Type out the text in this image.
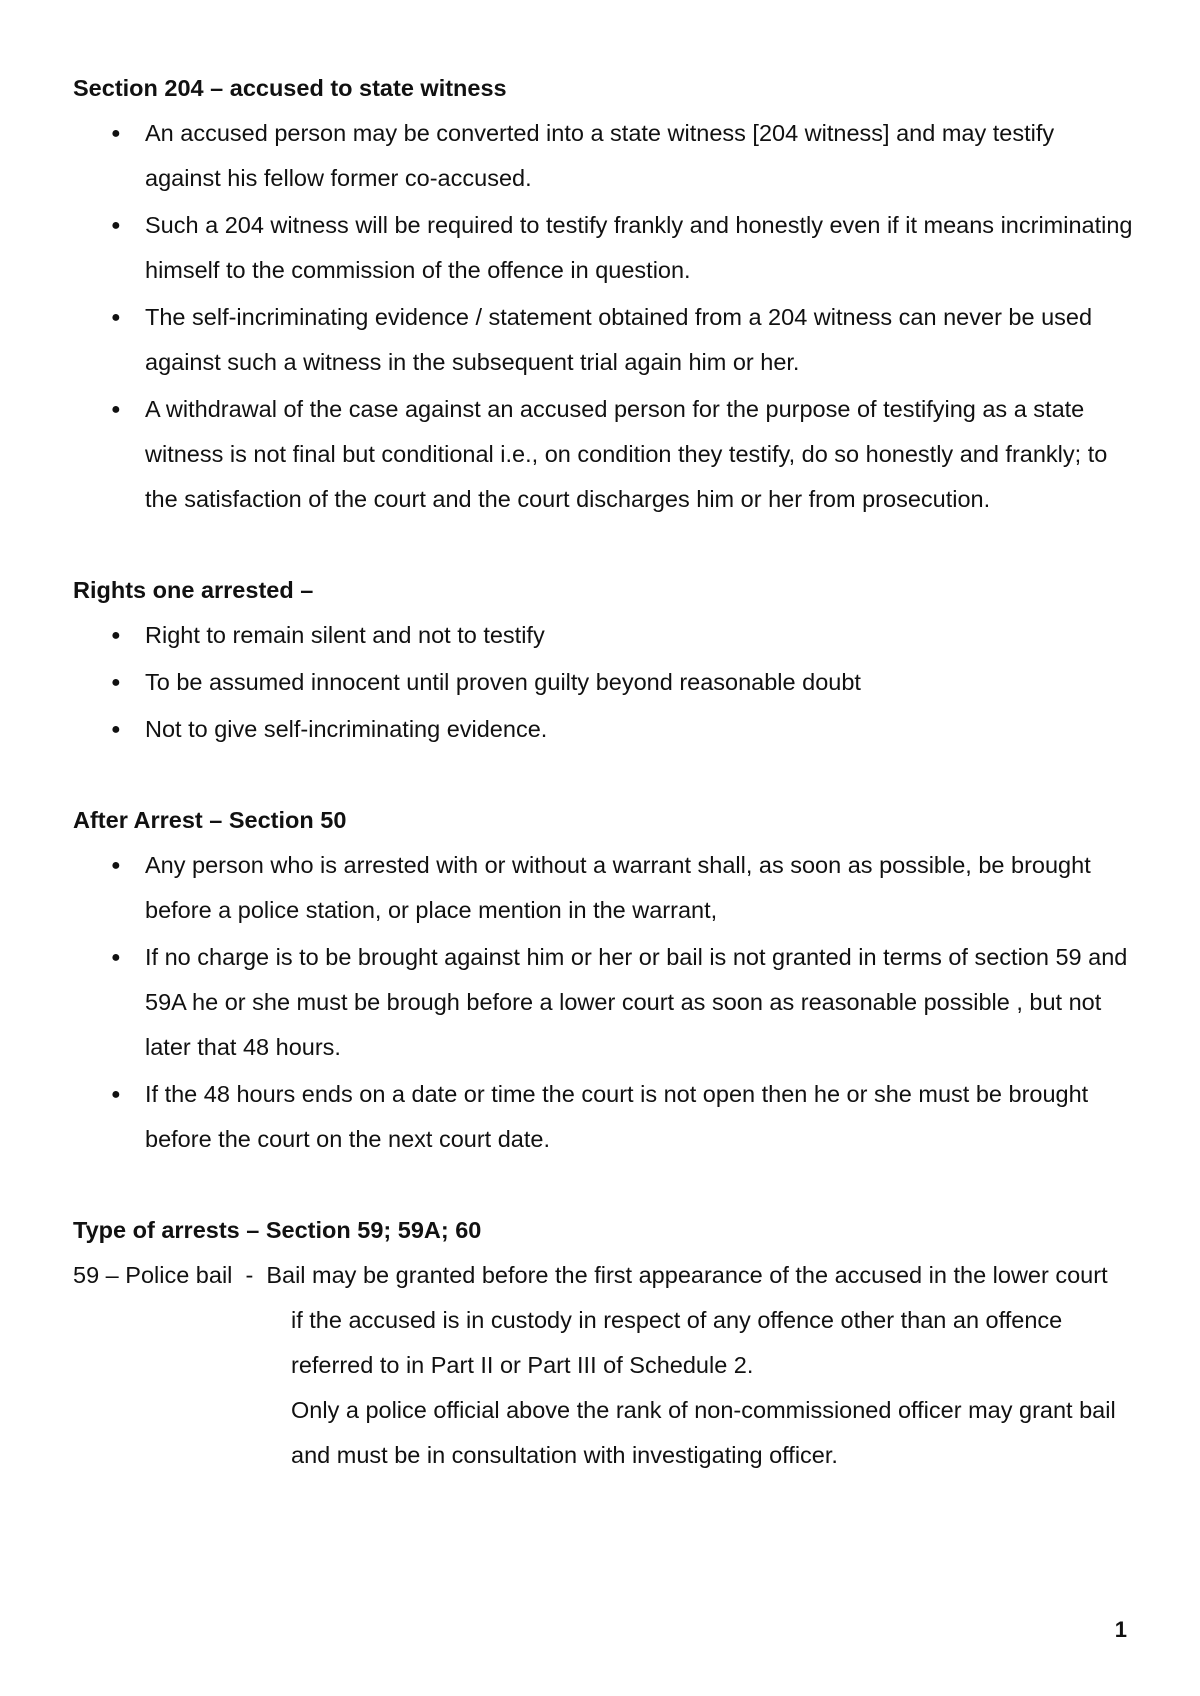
Section 204 – accused to state witness

● An accused person may be converted into a state witness [204 witness] and may testify against his fellow former co-accused.
● Such a 204 witness will be required to testify frankly and honestly even if it means incriminating himself to the commission of the offence in question.
● The self-incriminating evidence / statement obtained from a 204 witness can never be used against such a witness in the subsequent trial again him or her.
● A withdrawal of the case against an accused person for the purpose of testifying as a state witness is not final but conditional i.e., on condition they testify, do so honestly and frankly; to the satisfaction of the court and the court discharges him or her from prosecution.

Rights one arrested –

● Right to remain silent and not to testify
● To be assumed innocent until proven guilty beyond reasonable doubt
● Not to give self-incriminating evidence.

After Arrest – Section 50

● Any person who is arrested with or without a warrant shall, as soon as possible, be brought before a police station, or place mention in the warrant,
● If no charge is to be brought against him or her or bail is not granted in terms of section 59 and 59A he or she must be brough before a lower court as soon as reasonable possible , but not later that 48 hours.
● If the 48 hours ends on a date or time the court is not open then he or she must be brought before the court on the next court date.

Type of arrests – Section 59; 59A; 60

59 – Police bail  -  Bail may be granted before the first appearance of the accused in the lower court

if the accused is in custody in respect of any offence other than an offence referred to in Part II or Part III of Schedule 2.

Only a police official above the rank of non-commissioned officer may grant bail and must be in consultation with investigating officer.

1
